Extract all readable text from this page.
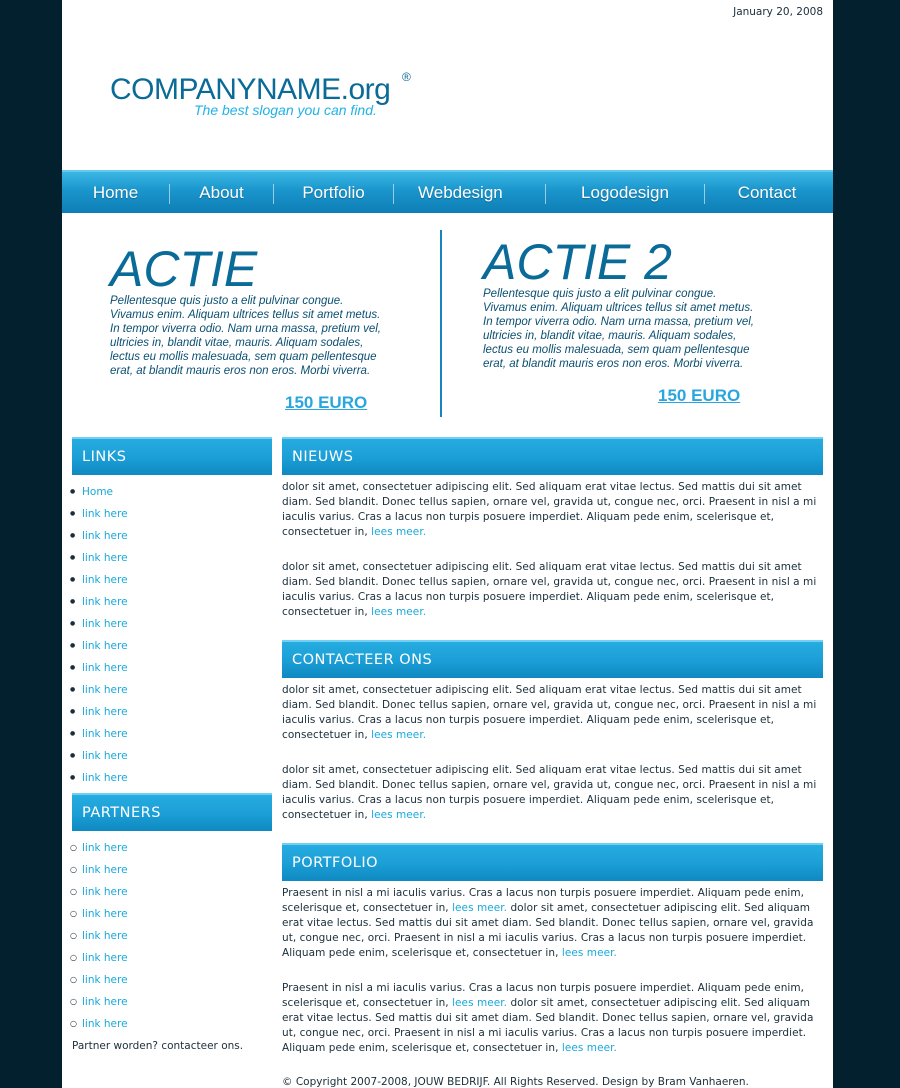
January 20, 2008
COMPANYNAME.org ®
The best slogan you can find.
Home	About	Portfolio	Webdesign	Logodesign	Contact
ACTIE
Pellentesque quis justo a elit pulvinar congue. Vivamus enim. Aliquam ultrices tellus sit amet metus. In tempor viverra odio. Nam urna massa, pretium vel, ultricies in, blandit vitae, mauris. Aliquam sodales, lectus eu mollis malesuada, sem quam pellentesque erat, at blandit mauris eros non eros. Morbi viverra.
150 EURO
ACTIE 2
Pellentesque quis justo a elit pulvinar congue. Vivamus enim. Aliquam ultrices tellus sit amet metus. In tempor viverra odio. Nam urna massa, pretium vel, ultricies in, blandit vitae, mauris. Aliquam sodales, lectus eu mollis malesuada, sem quam pellentesque erat, at blandit mauris eros non eros. Morbi viverra.
150 EURO
LINKS
● Home
● link here
● link here
● link here
● link here
● link here
● link here
● link here
● link here
● link here
● link here
● link here
● link here
● link here
PARTNERS
○ link here
○ link here
○ link here
○ link here
○ link here
○ link here
○ link here
○ link here
○ link here
Partner worden? contacteer ons.
NIEUWS
dolor sit amet, consectetuer adipiscing elit. Sed aliquam erat vitae lectus. Sed mattis dui sit amet diam. Sed blandit. Donec tellus sapien, ornare vel, gravida ut, congue nec, orci. Praesent in nisl a mi iaculis varius. Cras a lacus non turpis posuere imperdiet. Aliquam pede enim, scelerisque et, consectetuer in, lees meer.
dolor sit amet, consectetuer adipiscing elit. Sed aliquam erat vitae lectus. Sed mattis dui sit amet diam. Sed blandit. Donec tellus sapien, ornare vel, gravida ut, congue nec, orci. Praesent in nisl a mi iaculis varius. Cras a lacus non turpis posuere imperdiet. Aliquam pede enim, scelerisque et, consectetuer in, lees meer.
CONTACTEER ONS
dolor sit amet, consectetuer adipiscing elit. Sed aliquam erat vitae lectus. Sed mattis dui sit amet diam. Sed blandit. Donec tellus sapien, ornare vel, gravida ut, congue nec, orci. Praesent in nisl a mi iaculis varius. Cras a lacus non turpis posuere imperdiet. Aliquam pede enim, scelerisque et, consectetuer in, lees meer.
dolor sit amet, consectetuer adipiscing elit. Sed aliquam erat vitae lectus. Sed mattis dui sit amet diam. Sed blandit. Donec tellus sapien, ornare vel, gravida ut, congue nec, orci. Praesent in nisl a mi iaculis varius. Cras a lacus non turpis posuere imperdiet. Aliquam pede enim, scelerisque et, consectetuer in, lees meer.
PORTFOLIO
Praesent in nisl a mi iaculis varius. Cras a lacus non turpis posuere imperdiet. Aliquam pede enim, scelerisque et, consectetuer in, lees meer. dolor sit amet, consectetuer adipiscing elit. Sed aliquam erat vitae lectus. Sed mattis dui sit amet diam. Sed blandit. Donec tellus sapien, ornare vel, gravida ut, congue nec, orci. Praesent in nisl a mi iaculis varius. Cras a lacus non turpis posuere imperdiet. Aliquam pede enim, scelerisque et, consectetuer in, lees meer.
Praesent in nisl a mi iaculis varius. Cras a lacus non turpis posuere imperdiet. Aliquam pede enim, scelerisque et, consectetuer in, lees meer. dolor sit amet, consectetuer adipiscing elit. Sed aliquam erat vitae lectus. Sed mattis dui sit amet diam. Sed blandit. Donec tellus sapien, ornare vel, gravida ut, congue nec, orci. Praesent in nisl a mi iaculis varius. Cras a lacus non turpis posuere imperdiet. Aliquam pede enim, scelerisque et, consectetuer in, lees meer.
© Copyright 2007-2008, JOUW BEDRIJF. All Rights Reserved. Design by Bram Vanhaeren.
